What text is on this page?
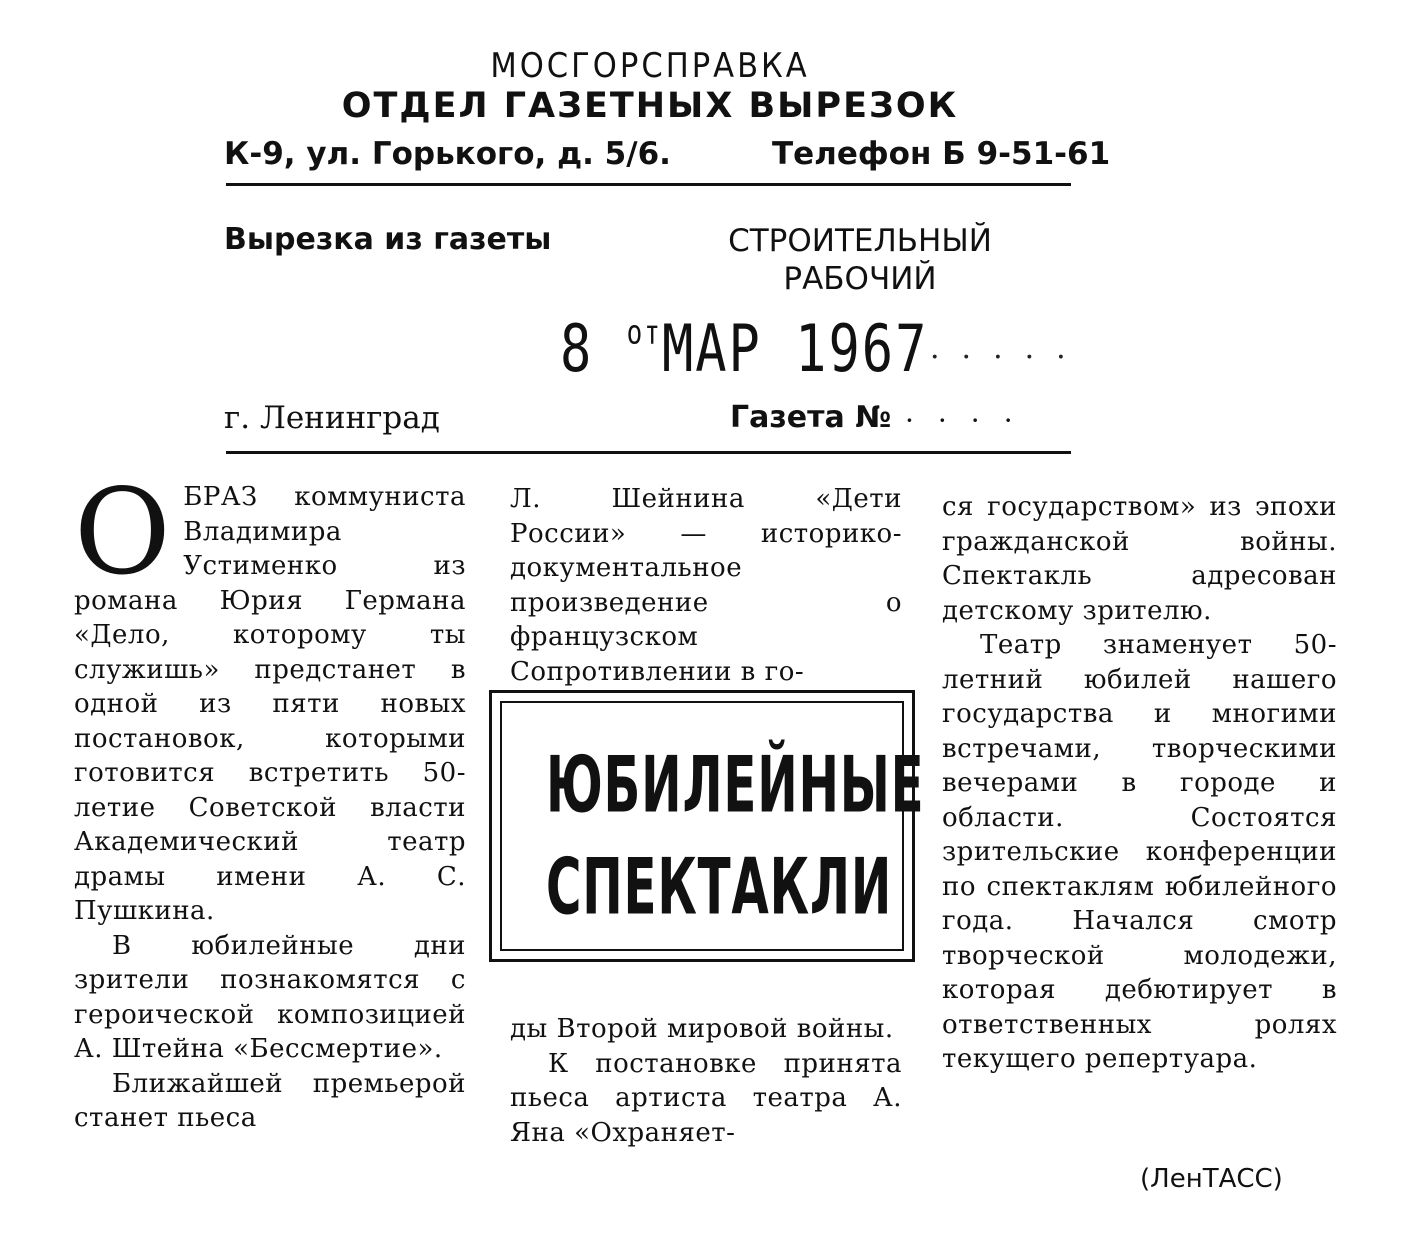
МОСГОРСПРАВКА
ОТДЕЛ ГАЗЕТНЫХ ВЫРЕЗОК
К-9, ул. Горького, д. 5/6.	Телефон Б 9-51-61
Вырезка из газеты	СТРОИТЕЛЬНЫЙ РАБОЧИЙ
8 $^{от}$МАР 1967 ·····
г. Ленинград	Газета № ····
О БРАЗ коммуниста Владимира Устименко из романа Юрия Германа «Дело, которому ты служишь» предстанет в одной из пяти новых постановок, которыми готовится встретить 50-летие Советской власти Академический театр драмы имени А. С. Пушкина.

В юбилейные дни зрители познакомятся с героической композицией А. Штейна «Бессмертие».

Ближайшей премьерой станет пьеса

Л. Шейнина «Дети России» — историко-документальное произведение о французском Сопротивлении в го-

ЮБИЛЕЙНЫЕ
СПЕКТАКЛИ

ды Второй мировой войны.

К постановке принята пьеса артиста театра А. Яна «Охраняет-

ся государством» из эпохи гражданской войны. Спектакль адресован детскому зрителю.

Театр знаменует 50-летний юбилей нашего государства и многими встречами, творческими вечерами в городе и области. Состоятся зрительские конференции по спектаклям юбилейного года. Начался смотр творческой молодежи, которая дебютирует в ответственных ролях текущего репертуара.

(ЛенТАСС)
